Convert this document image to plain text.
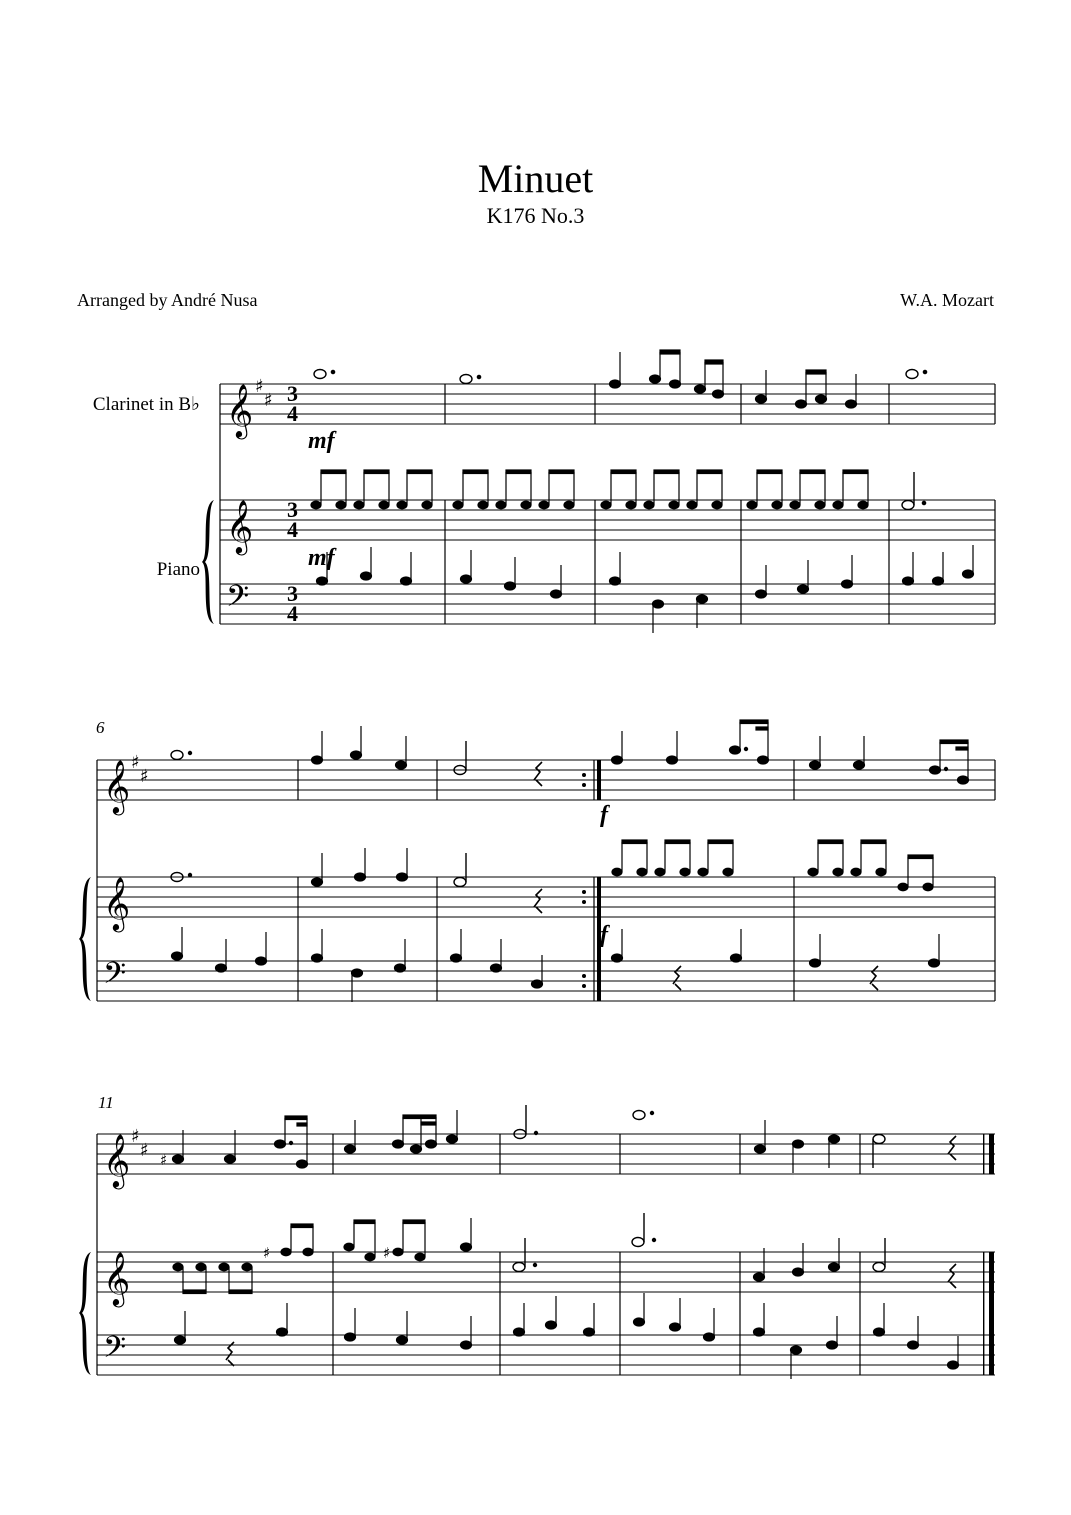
Minuet
K176 No.3
Arranged by André Nusa	W.A. Mozart
Clarinet in B♭
Piano
𝄞
𝄞
𝄢
♯
♯ 3
4
3
4
3
4
mf
mf
6
𝄞
𝄞
𝄢
♯
♯
f
f
11
𝄞
𝄞
𝄢
♯
♯ ♯
♯	♯
